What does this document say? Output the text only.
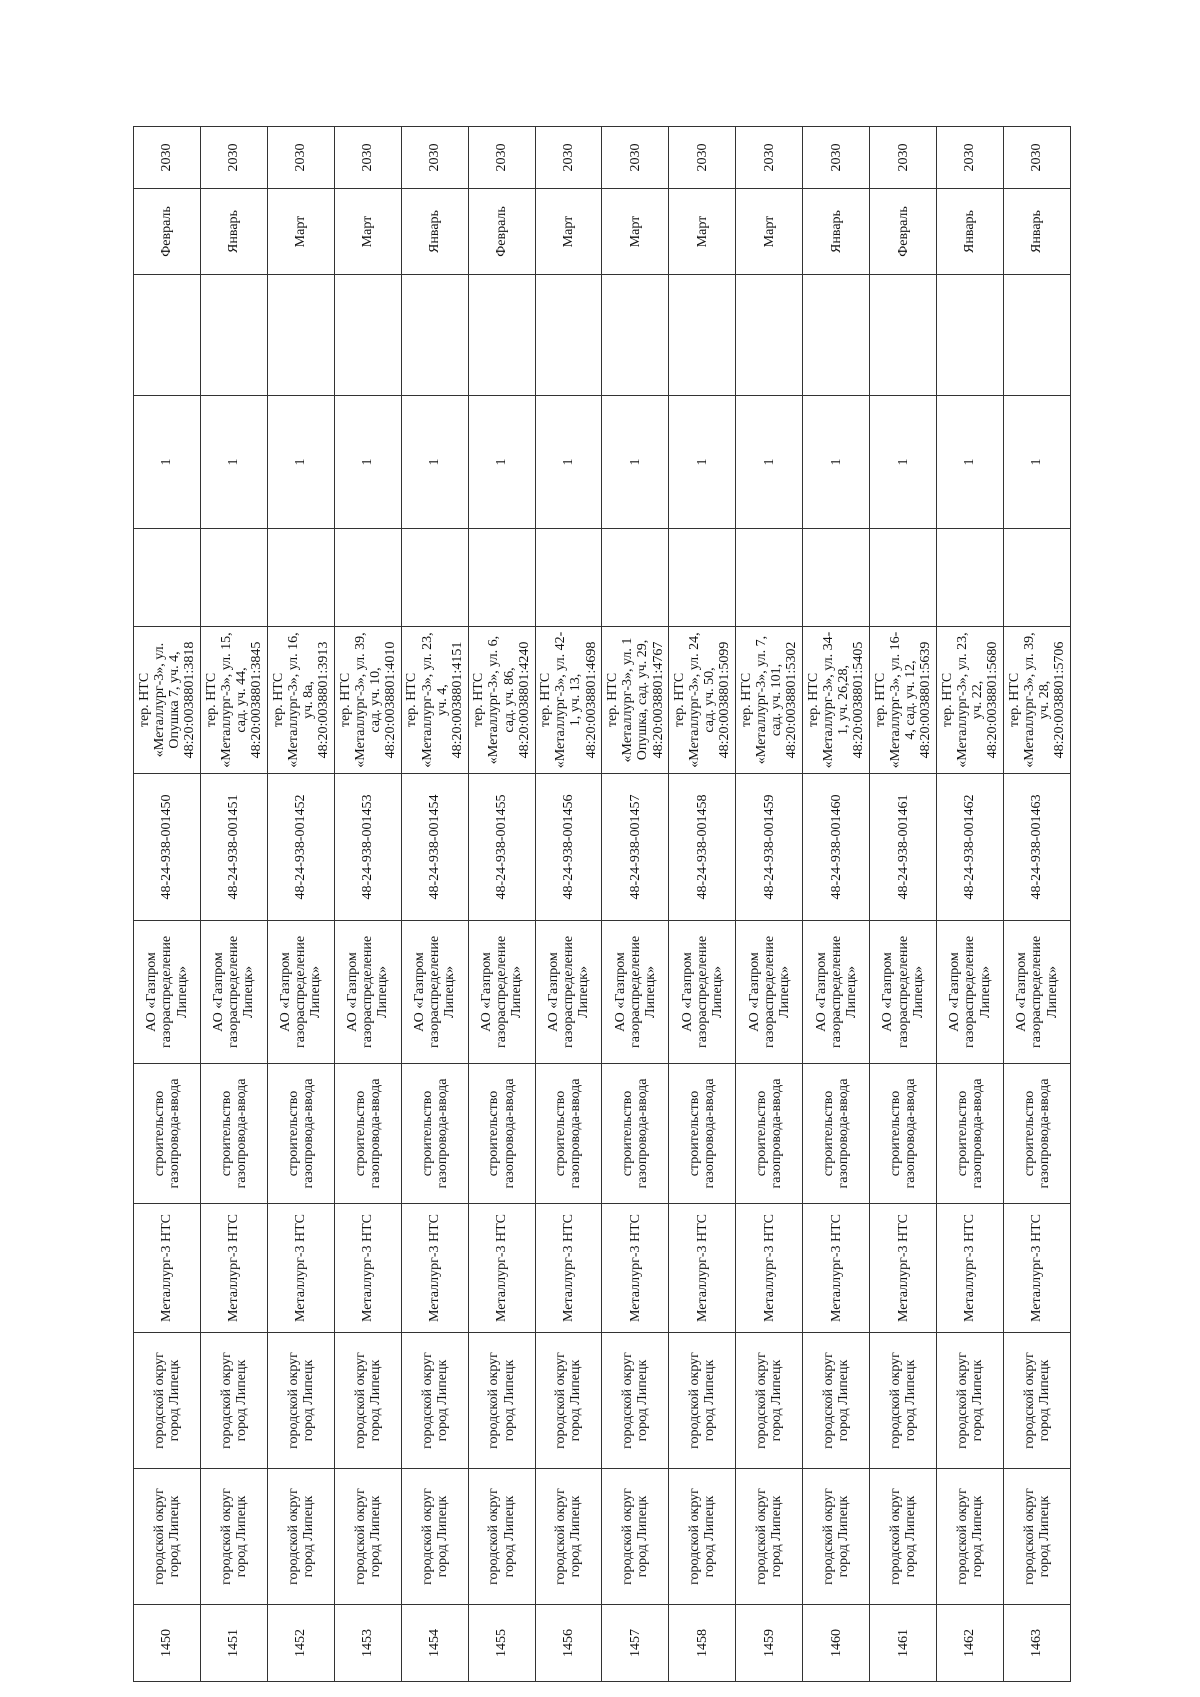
1450	городской округ город Липецк	городской округ город Липецк	Металлург-3 НТС	строительство газопровода-ввода	АО «Газпром газораспределение Липецк»	48-24-938-001450	тер. НТС «Металлург-3», ул. Опушка 7, уч. 4, 48:20:0038801:3818		1		Февраль	2030
1451	городской округ город Липецк	городской округ город Липецк	Металлург-3 НТС	строительство газопровода-ввода	АО «Газпром газораспределение Липецк»	48-24-938-001451	тер. НТС «Металлург-3», ул. 15, сад. уч. 44, 48:20:0038801:3845		1		Январь	2030
1452	городской округ город Липецк	городской округ город Липецк	Металлург-3 НТС	строительство газопровода-ввода	АО «Газпром газораспределение Липецк»	48-24-938-001452	тер. НТС «Металлург-3», ул. 16, уч. 8а, 48:20:0038801:3913		1		Март	2030
1453	городской округ город Липецк	городской округ город Липецк	Металлург-3 НТС	строительство газопровода-ввода	АО «Газпром газораспределение Липецк»	48-24-938-001453	тер. НТС «Металлург-3», ул. 39, сад. уч. 10, 48:20:0038801:4010		1		Март	2030
1454	городской округ город Липецк	городской округ город Липецк	Металлург-3 НТС	строительство газопровода-ввода	АО «Газпром газораспределение Липецк»	48-24-938-001454	тер. НТС «Металлург-3», ул. 23, уч. 4, 48:20:0038801:4151		1		Январь	2030
1455	городской округ город Липецк	городской округ город Липецк	Металлург-3 НТС	строительство газопровода-ввода	АО «Газпром газораспределение Липецк»	48-24-938-001455	тер. НТС «Металлург-3», ул. 6, сад. уч. 86, 48:20:0038801:4240		1		Февраль	2030
1456	городской округ город Липецк	городской округ город Липецк	Металлург-3 НТС	строительство газопровода-ввода	АО «Газпром газораспределение Липецк»	48-24-938-001456	тер. НТС «Металлург-3», ул. 42-1, уч. 13, 48:20:0038801:4698		1		Март	2030
1457	городской округ город Липецк	городской округ город Липецк	Металлург-3 НТС	строительство газопровода-ввода	АО «Газпром газораспределение Липецк»	48-24-938-001457	тер. НТС «Металлург-3», ул. 1 Опушка, сад. уч. 29, 48:20:0038801:4767		1		Март	2030
1458	городской округ город Липецк	городской округ город Липецк	Металлург-3 НТС	строительство газопровода-ввода	АО «Газпром газораспределение Липецк»	48-24-938-001458	тер. НТС «Металлург-3», ул. 24, сад. уч. 50, 48:20:0038801:5099		1		Март	2030
1459	городской округ город Липецк	городской округ город Липецк	Металлург-3 НТС	строительство газопровода-ввода	АО «Газпром газораспределение Липецк»	48-24-938-001459	тер. НТС «Металлург-3», ул. 7, сад. уч. 101, 48:20:0038801:5302		1		Март	2030
1460	городской округ город Липецк	городской округ город Липецк	Металлург-3 НТС	строительство газопровода-ввода	АО «Газпром газораспределение Липецк»	48-24-938-001460	тер. НТС «Металлург-3», ул. 34-1, уч. 26,28, 48:20:0038801:5405		1		Январь	2030
1461	городской округ город Липецк	городской округ город Липецк	Металлург-3 НТС	строительство газопровода-ввода	АО «Газпром газораспределение Липецк»	48-24-938-001461	тер. НТС «Металлург-3», ул. 16-4, сад. уч. 12, 48:20:0038801:5639		1		Февраль	2030
1462	городской округ город Липецк	городской округ город Липецк	Металлург-3 НТС	строительство газопровода-ввода	АО «Газпром газораспределение Липецк»	48-24-938-001462	тер. НТС «Металлург-3», ул. 23, уч. 22, 48:20:0038801:5680		1		Январь	2030
1463	городской округ город Липецк	городской округ город Липецк	Металлург-3 НТС	строительство газопровода-ввода	АО «Газпром газораспределение Липецк»	48-24-938-001463	тер. НТС «Металлург-3», ул. 39, уч. 28, 48:20:0038801:5706		1		Январь	2030
